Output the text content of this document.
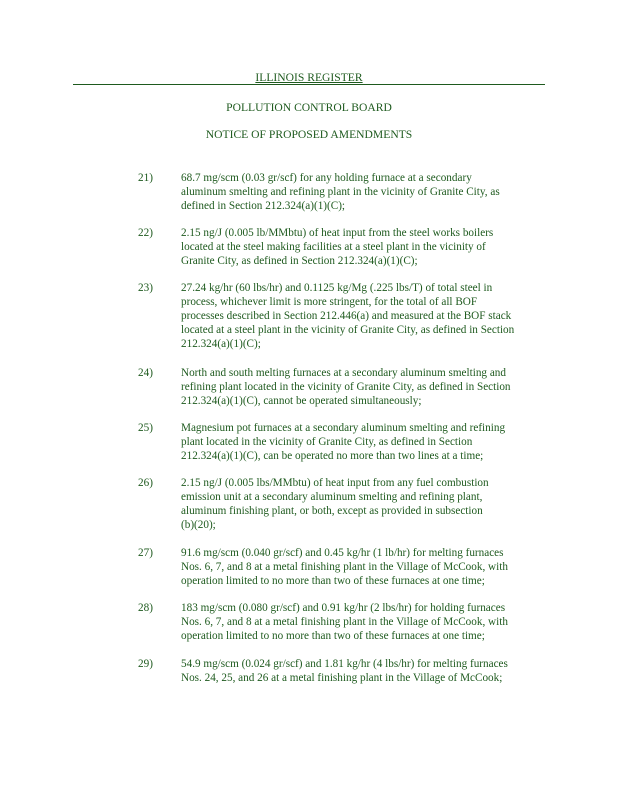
ILLINOIS REGISTER
POLLUTION CONTROL BOARD
NOTICE OF PROPOSED AMENDMENTS
21)	68.7 mg/scm (0.03 gr/scf) for any holding furnace at a secondary
aluminum smelting and refining plant in the vicinity of Granite City, as
defined in Section 212.324(a)(1)(C);
22)	2.15 ng/J (0.005 lb/MMbtu) of heat input from the steel works boilers
located at the steel making facilities at a steel plant in the vicinity of
Granite City, as defined in Section 212.324(a)(1)(C);
23)	27.24 kg/hr (60 lbs/hr) and 0.1125 kg/Mg (.225 lbs/T) of total steel in
process, whichever limit is more stringent, for the total of all BOF
processes described in Section 212.446(a) and measured at the BOF stack
located at a steel plant in the vicinity of Granite City, as defined in Section
212.324(a)(1)(C);
24)	North and south melting furnaces at a secondary aluminum smelting and
refining plant located in the vicinity of Granite City, as defined in Section
212.324(a)(1)(C), cannot be operated simultaneously;
25)	Magnesium pot furnaces at a secondary aluminum smelting and refining
plant located in the vicinity of Granite City, as defined in Section
212.324(a)(1)(C), can be operated no more than two lines at a time;
26)	2.15 ng/J (0.005 lbs/MMbtu) of heat input from any fuel combustion
emission unit at a secondary aluminum smelting and refining plant,
aluminum finishing plant, or both, except as provided in subsection
(b)(20);
27)	91.6 mg/scm (0.040 gr/scf) and 0.45 kg/hr (1 lb/hr) for melting furnaces
Nos. 6, 7, and 8 at a metal finishing plant in the Village of McCook, with
operation limited to no more than two of these furnaces at one time;
28)	183 mg/scm (0.080 gr/scf) and 0.91 kg/hr (2 lbs/hr) for holding furnaces
Nos. 6, 7, and 8 at a metal finishing plant in the Village of McCook, with
operation limited to no more than two of these furnaces at one time;
29)	54.9 mg/scm (0.024 gr/scf) and 1.81 kg/hr (4 lbs/hr) for melting furnaces
Nos. 24, 25, and 26 at a metal finishing plant in the Village of McCook;
